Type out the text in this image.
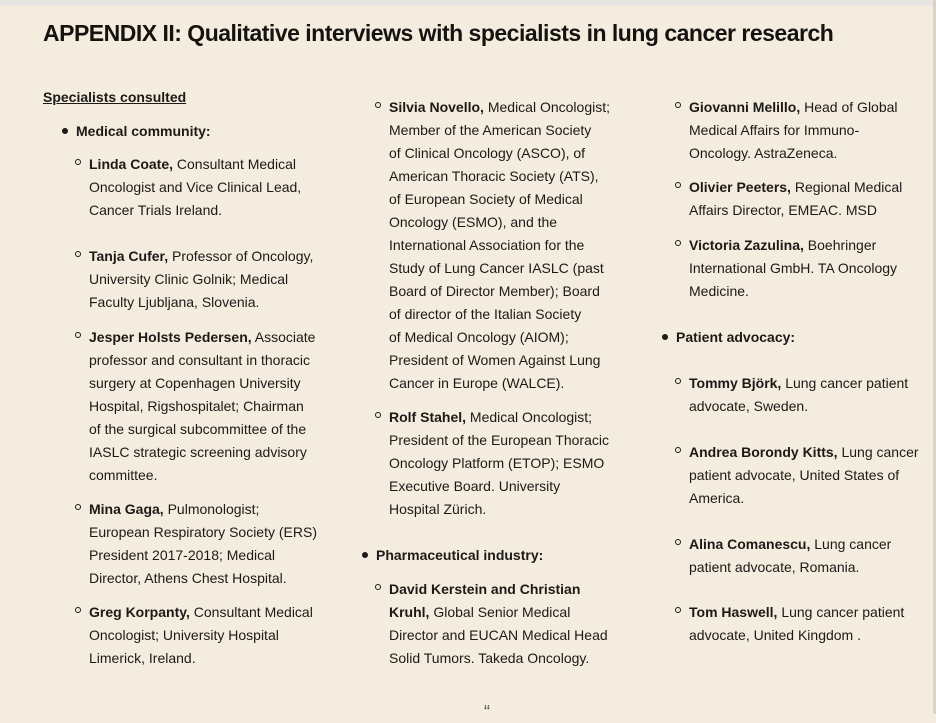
APPENDIX II: Qualitative interviews with specialists in lung cancer research
Specialists consulted
Medical community:
Pharmaceutical industry:
Patient advocacy:
Linda Coate, Consultant Medical
Oncologist and Vice Clinical Lead,
Cancer Trials Ireland.
Tanja Cufer, Professor of Oncology,
University Clinic Golnik; Medical
Faculty Ljubljana, Slovenia.
Jesper Holsts Pedersen, Associate
professor and consultant in thoracic
surgery at Copenhagen University
Hospital, Rigshospitalet; Chairman
of the surgical subcommittee of the
IASLC strategic screening advisory
committee.
Mina Gaga, Pulmonologist;
European Respiratory Society (ERS)
President 2017-2018; Medical
Director, Athens Chest Hospital.
Greg Korpanty, Consultant Medical
Oncologist; University Hospital
Limerick, Ireland.
Silvia Novello, Medical Oncologist;
Member of the American Society
of Clinical Oncology (ASCO), of
American Thoracic Society (ATS),
of European Society of Medical
Oncology (ESMO), and the
International Association for the
Study of Lung Cancer IASLC (past
Board of Director Member); Board
of director of the Italian Society
of Medical Oncology (AIOM);
President of Women Against Lung
Cancer in Europe (WALCE).
Rolf Stahel, Medical Oncologist;
President of the European Thoracic
Oncology Platform (ETOP); ESMO
Executive Board. University
Hospital Zürich.
David Kerstein and Christian
Kruhl, Global Senior Medical
Director and EUCAN Medical Head
Solid Tumors. Takeda Oncology.
Giovanni Melillo, Head of Global
Medical Affairs for Immuno-
Oncology. AstraZeneca.
Olivier Peeters, Regional Medical
Affairs Director, EMEAC. MSD
Victoria Zazulina, Boehringer
International GmbH. TA Oncology
Medicine.
Tommy Björk, Lung cancer patient
advocate, Sweden.
Andrea Borondy Kitts, Lung cancer
patient advocate, United States of
America.
Alina Comanescu, Lung cancer
patient advocate, Romania.
Tom Haswell, Lung cancer patient
advocate, United Kingdom .
“
